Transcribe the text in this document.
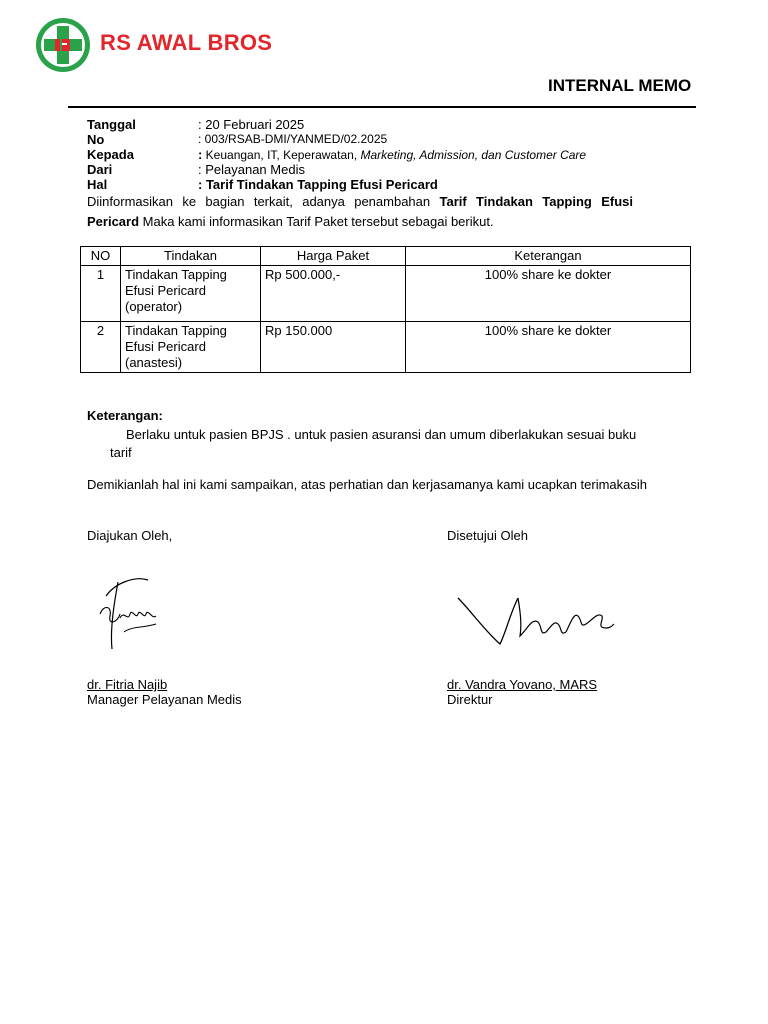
RS AWAL BROS
INTERNAL MEMO
Tanggal	: 20 Februari 2025
No	: 003/RSAB-DMI/YANMED/02.2025
Kepada	: Keuangan, IT, Keperawatan, Marketing, Admission, dan Customer Care
Dari	: Pelayanan Medis
Hal	: Tarif Tindakan Tapping Efusi Pericard
Diinformasikan ke bagian terkait, adanya penambahan Tarif Tindakan Tapping Efusi Pericard Maka kami informasikan Tarif Paket tersebut sebagai berikut.
NO	Tindakan	Harga Paket	Keterangan
1	Tindakan Tapping
Efusi Pericard
(operator)	Rp 500.000,-	100% share ke dokter
2	Tindakan Tapping
Efusi Pericard
(anastesi)	Rp 150.000	100% share ke dokter
Keterangan:
Berlaku untuk pasien BPJS . untuk pasien asuransi dan umum diberlakukan sesuai buku
tarif
Demikianlah hal ini kami sampaikan, atas perhatian dan kerjasamanya kami ucapkan terimakasih
Diajukan Oleh,	Disetujui Oleh
dr. Fitria Najib
Manager Pelayanan Medis
dr. Vandra Yovano, MARS
Direktur
